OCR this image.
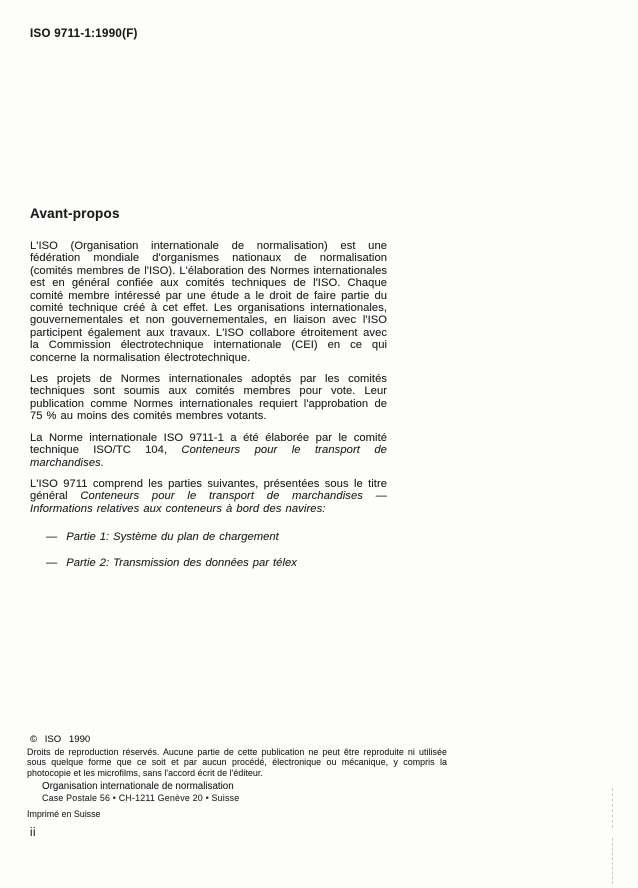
ISO 9711-1:1990(F)
Avant-propos

L'ISO (Organisation internationale de normalisation) est une fédération mondiale d'organismes nationaux de normalisation (comités membres de l'ISO). L'élaboration des Normes internationales est en général confiée aux comités techniques de l'ISO. Chaque comité membre intéressé par une étude a le droit de faire partie du comité technique créé à cet effet. Les organisations internationales, gouvernementales et non gouvernementales, en liaison avec l'ISO participent également aux travaux. L'ISO collabore étroitement avec la Commission électrotechnique internationale (CEI) en ce qui concerne la normalisation électrotechnique.

Les projets de Normes internationales adoptés par les comités techniques sont soumis aux comités membres pour vote. Leur publication comme Normes internationales requiert l'approbation de 75 % au moins des comités membres votants.

La Norme internationale ISO 9711-1 a été élaborée par le comité technique ISO/TC 104, Conteneurs pour le transport de marchandises.

L'ISO 9711 comprend les parties suivantes, présentées sous le titre général Conteneurs pour le transport de marchandises — Informations relatives aux conteneurs à bord des navires:

— Partie 1: Système du plan de chargement
— Partie 2: Transmission des données par télex
© ISO 1990
Droits de reproduction réservés. Aucune partie de cette publication ne peut être reproduite ni utilisée sous quelque forme que ce soit et par aucun procédé, électronique ou mécanique, y compris la photocopie et les microfilms, sans l'accord écrit de l'éditeur.
Organisation internationale de normalisation
Case Postale 56 • CH-1211 Genève 20 • Suisse
Imprimé en Suisse
ii
